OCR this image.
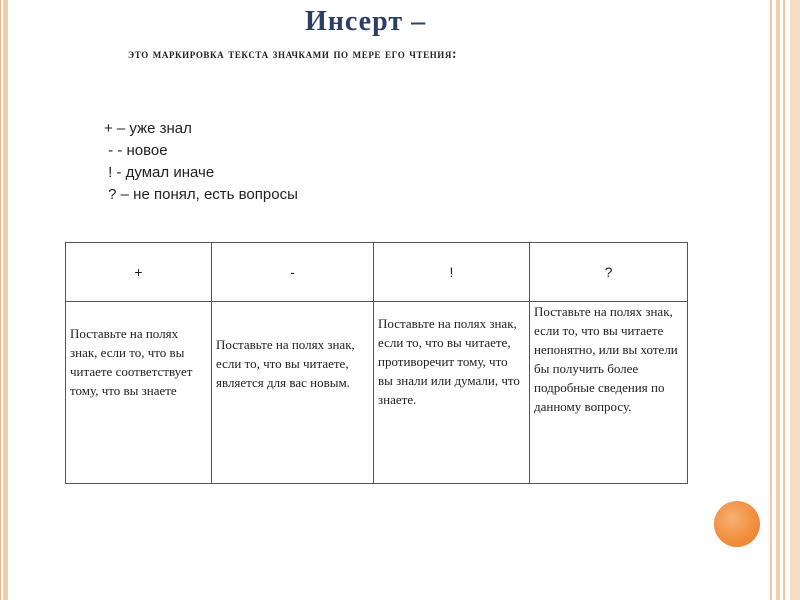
Инсерт –
это маркировка текста значками по мере его чтения:
+ – уже знал
- - новое
! - думал иначе
? – не понял, есть вопросы
+	-	!	?
Поставьте на полях знак, если то, что вы читаете соответствует тому, что вы знаете	Поставьте на полях знак, если то, что вы читаете, является для вас новым.	Поставьте на полях знак, если то, что вы читаете, противоречит тому, что вы знали или думали, что знаете.	Поставьте на полях знак, если то, что вы читаете непонятно, или вы хотели бы получить более подробные сведения по данному вопросу.
